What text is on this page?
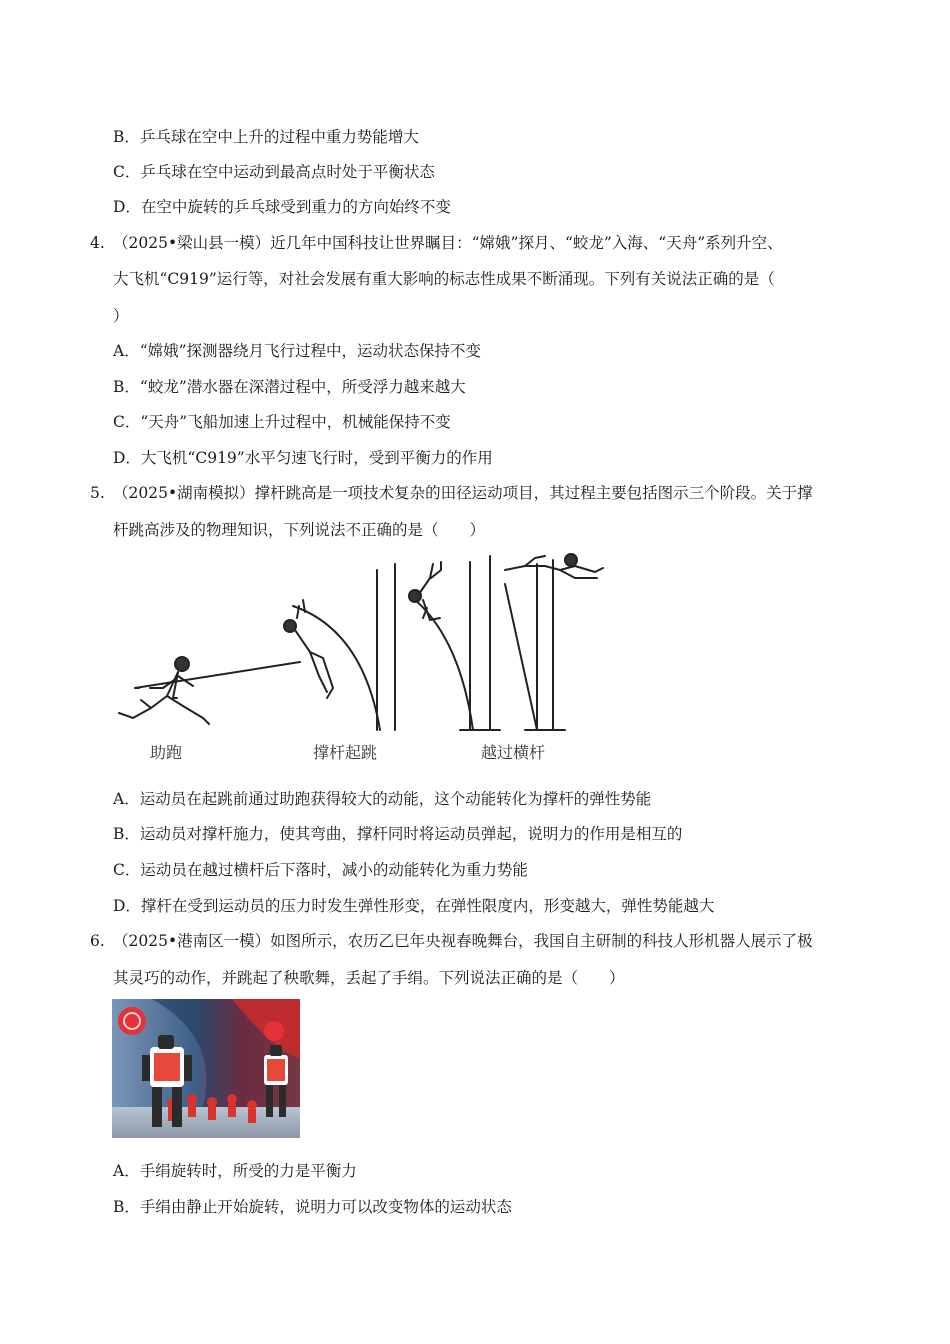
B．乒乓球在空中上升的过程中重力势能增大
C．乒乓球在空中运动到最高点时处于平衡状态
D．在空中旋转的乒乓球受到重力的方向始终不变
4. （2025•梁山县一模）近几年中国科技让世界瞩目：“嫦娥”探月、“蛟龙”入海、“天舟”系列升空、
大飞机“C919”运行等，对社会发展有重大影响的标志性成果不断涌现。下列有关说法正确的是（
）
A．“嫦娥”探测器绕月飞行过程中，运动状态保持不变
B．“蛟龙”潜水器在深潜过程中，所受浮力越来越大
C．“天舟”飞船加速上升过程中，机械能保持不变
D．大飞机“C919”水平匀速飞行时，受到平衡力的作用
5. （2025•湖南模拟）撑杆跳高是一项技术复杂的田径运动项目，其过程主要包括图示三个阶段。关于撑
杆跳高涉及的物理知识，下列说法不正确的是（　　）
助跑	撑杆起跳	越过横杆
A．运动员在起跳前通过助跑获得较大的动能，这个动能转化为撑杆的弹性势能
B．运动员对撑杆施力，使其弯曲，撑杆同时将运动员弹起，说明力的作用是相互的
C．运动员在越过横杆后下落时，减小的动能转化为重力势能
D．撑杆在受到运动员的压力时发生弹性形变，在弹性限度内，形变越大，弹性势能越大
6. （2025•港南区一模）如图所示，农历乙巳年央视春晚舞台，我国自主研制的科技人形机器人展示了极
其灵巧的动作，并跳起了秧歌舞，丢起了手绢。下列说法正确的是（　　）
A．手绢旋转时，所受的力是平衡力
B．手绢由静止开始旋转，说明力可以改变物体的运动状态
